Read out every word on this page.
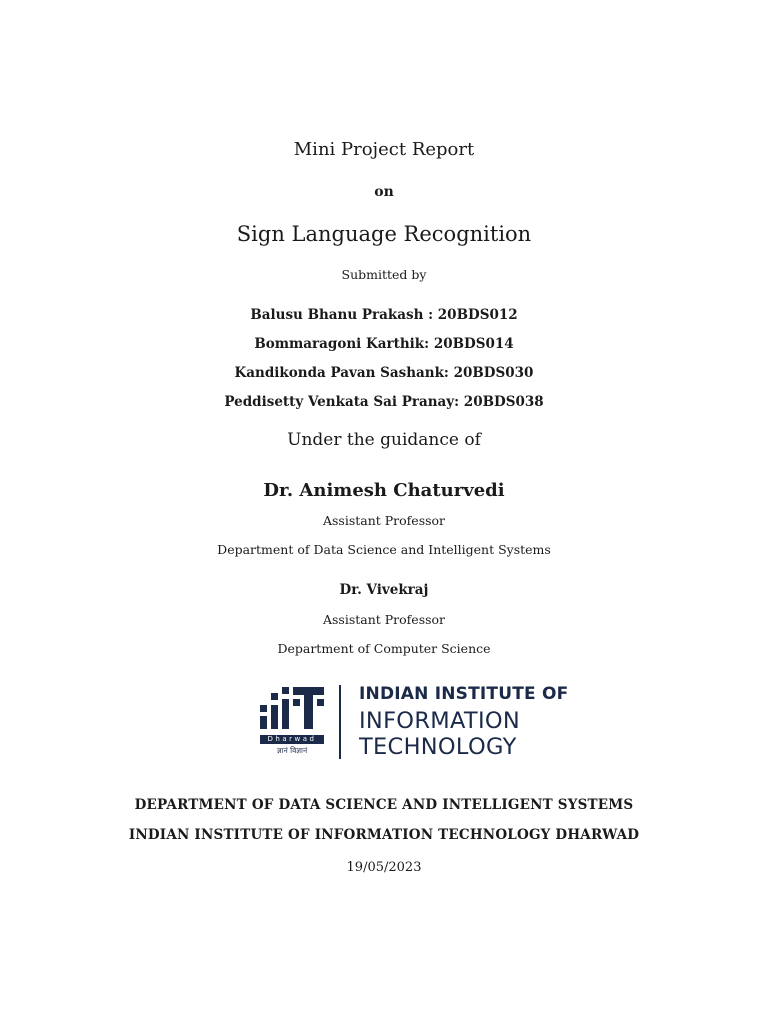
Mini Project Report
on
Sign Language Recognition
Submitted by
Balusu Bhanu Prakash : 20BDS012
Bommaragoni Karthik: 20BDS014
Kandikonda Pavan Sashank: 20BDS030
Peddisetty Venkata Sai Pranay: 20BDS038
Under the guidance of
Dr. Animesh Chaturvedi
Assistant Professor
Department of Data Science and Intelligent Systems
Dr. Vivekraj
Assistant Professor
Department of Computer Science
Dharwad
ज्ञानं विज्ञानं
INDIAN INSTITUTE OF
INFORMATION
TECHNOLOGY
DEPARTMENT OF DATA SCIENCE AND INTELLIGENT SYSTEMS
INDIAN INSTITUTE OF INFORMATION TECHNOLOGY DHARWAD
19/05/2023
